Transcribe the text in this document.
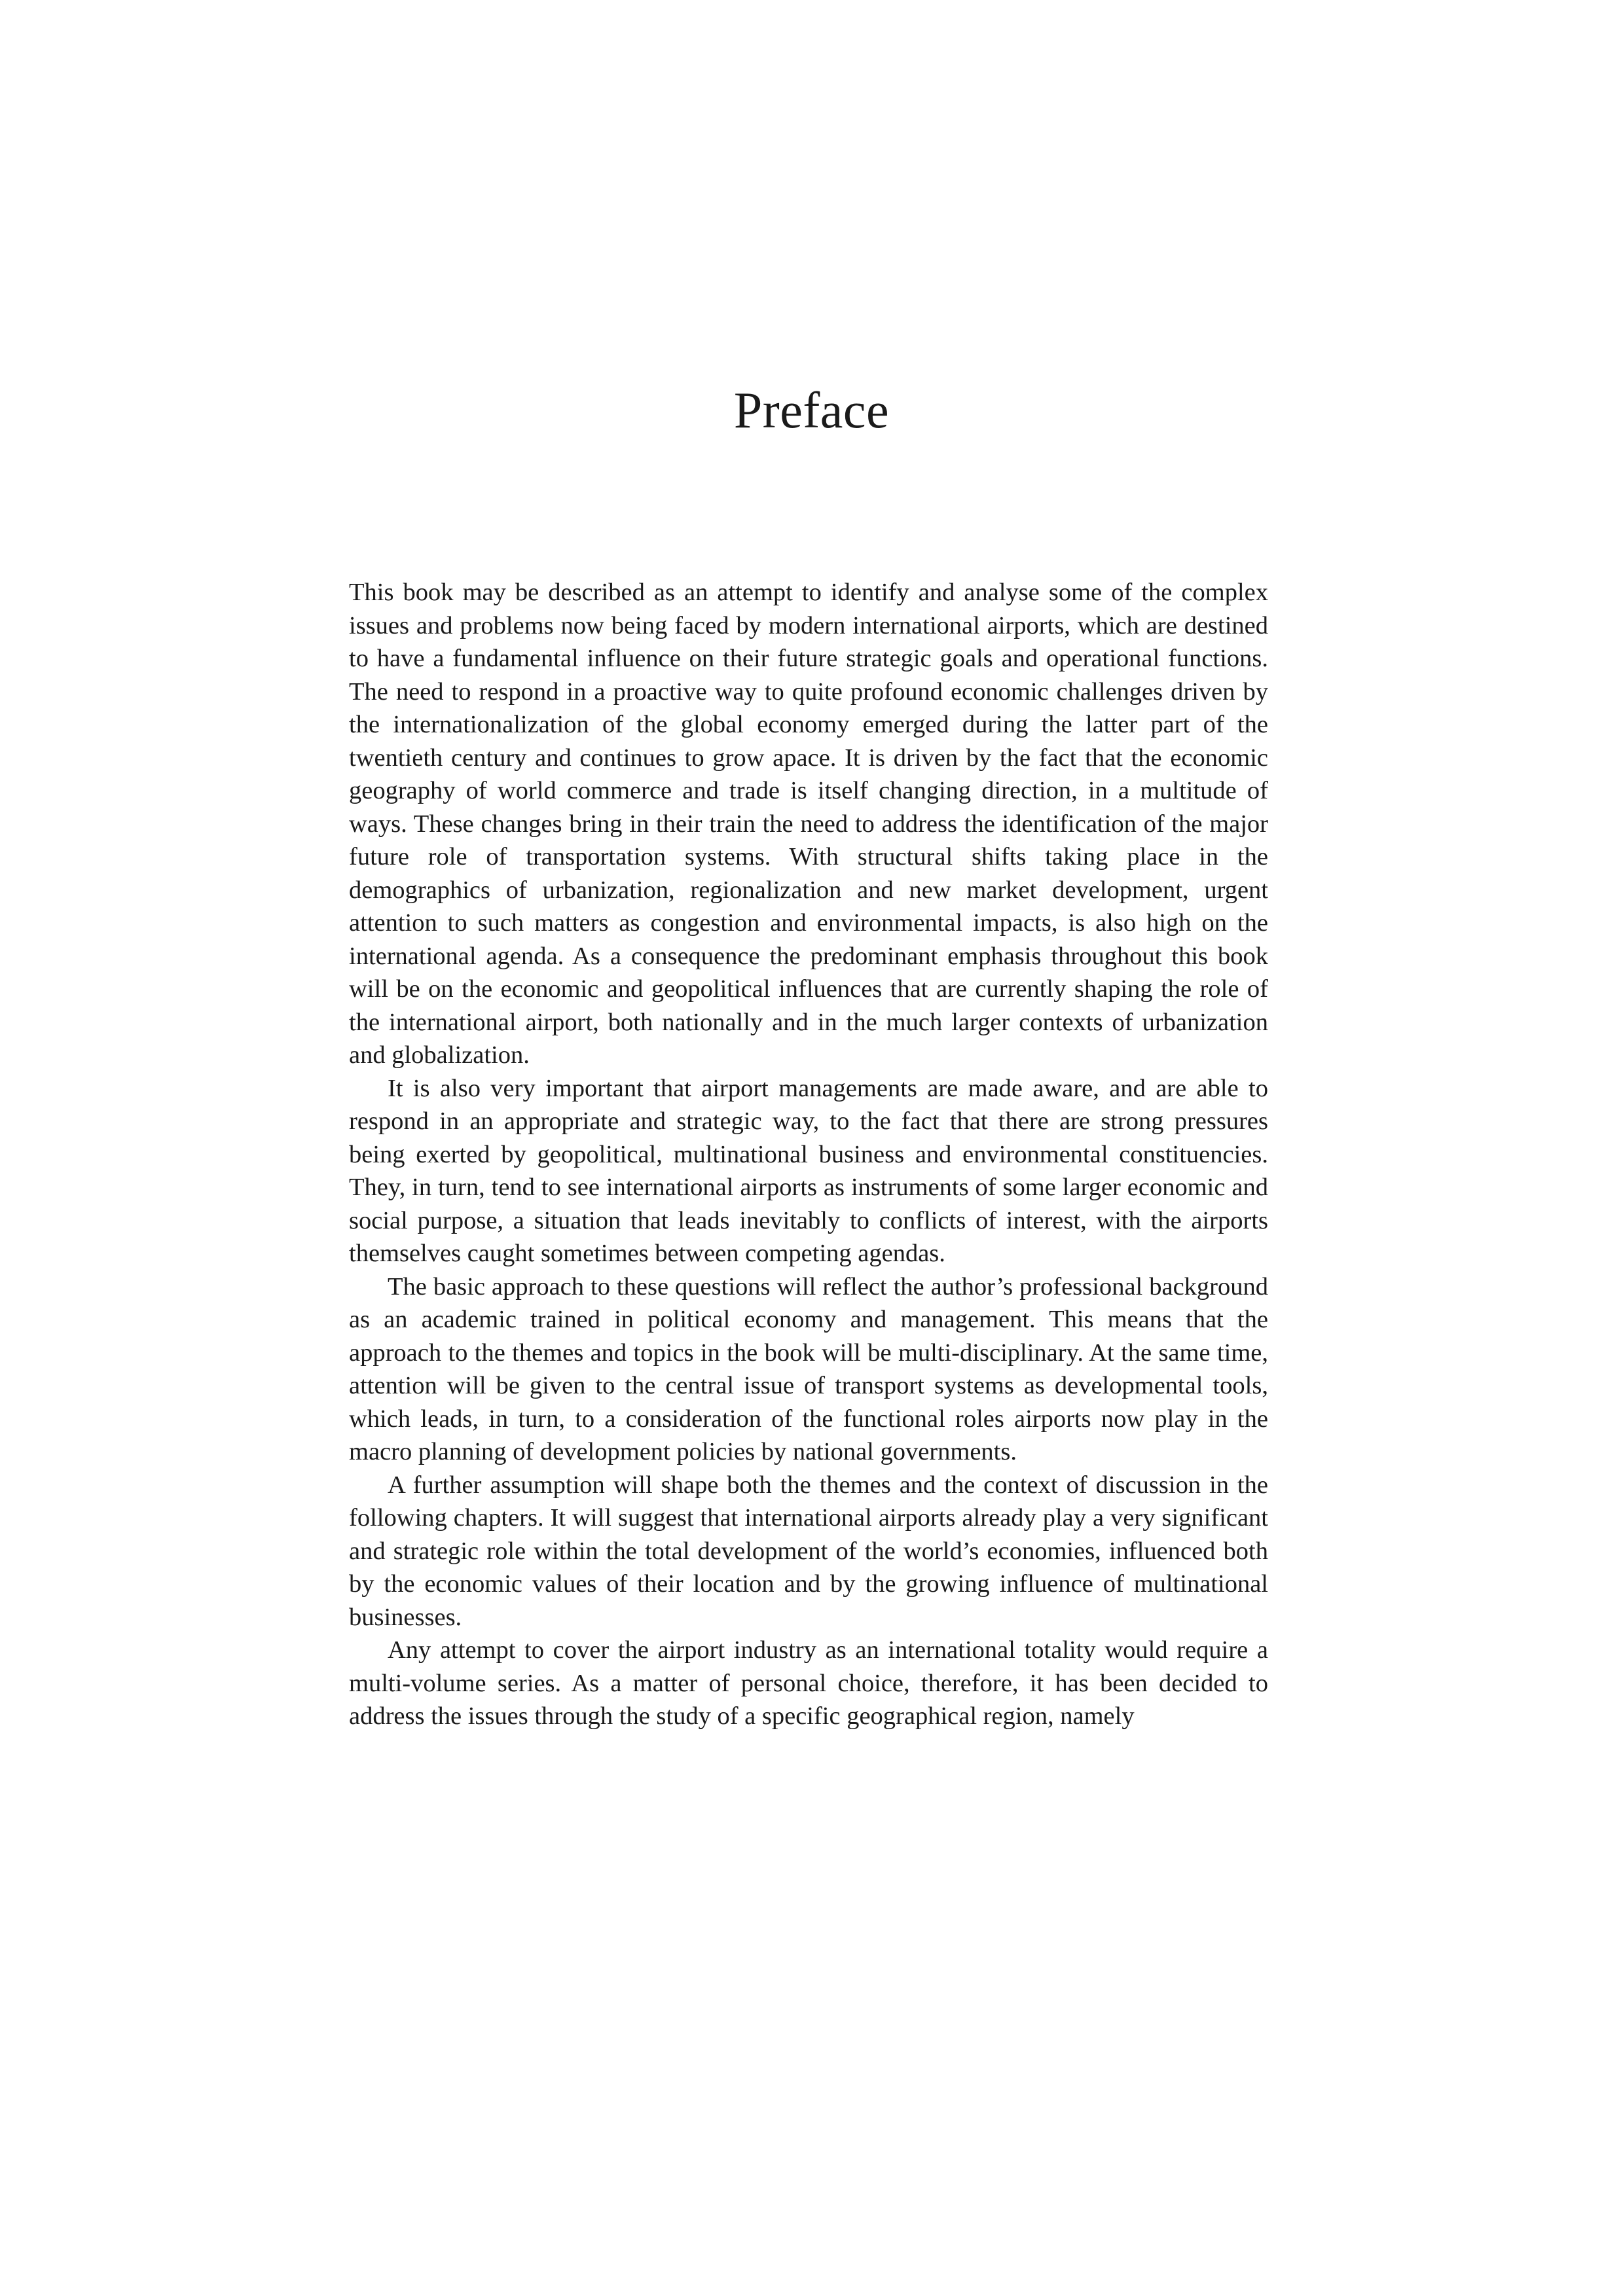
Preface

This book may be described as an attempt to identify and analyse some of the complex issues and problems now being faced by modern international airports, which are destined to have a fundamental influence on their future strategic goals and operational functions. The need to respond in a proactive way to quite profound economic challenges driven by the internationalization of the global economy emerged during the latter part of the twentieth century and continues to grow apace. It is driven by the fact that the economic geography of world commerce and trade is itself changing direction, in a multitude of ways. These changes bring in their train the need to address the identification of the major future role of transportation systems. With structural shifts taking place in the demographics of urbanization, regionalization and new market development, urgent attention to such matters as congestion and environmental impacts, is also high on the international agenda. As a consequence the predominant emphasis throughout this book will be on the economic and geopolitical influences that are currently shaping the role of the international airport, both nationally and in the much larger contexts of urbanization and globalization.

It is also very important that airport managements are made aware, and are able to respond in an appropriate and strategic way, to the fact that there are strong pressures being exerted by geopolitical, multinational business and environmental constituencies. They, in turn, tend to see international airports as instruments of some larger economic and social purpose, a situation that leads inevitably to conflicts of interest, with the airports themselves caught sometimes between competing agendas.

The basic approach to these questions will reflect the author’s professional background as an academic trained in political economy and management. This means that the approach to the themes and topics in the book will be multi-disciplinary. At the same time, attention will be given to the central issue of transport systems as developmental tools, which leads, in turn, to a consideration of the functional roles airports now play in the macro planning of development policies by national governments.

A further assumption will shape both the themes and the context of discussion in the following chapters. It will suggest that international airports already play a very significant and strategic role within the total development of the world’s economies, influenced both by the economic values of their location and by the growing influence of multinational businesses.

Any attempt to cover the airport industry as an international totality would require a multi-volume series. As a matter of personal choice, therefore, it has been decided to address the issues through the study of a specific geographical region, namely
